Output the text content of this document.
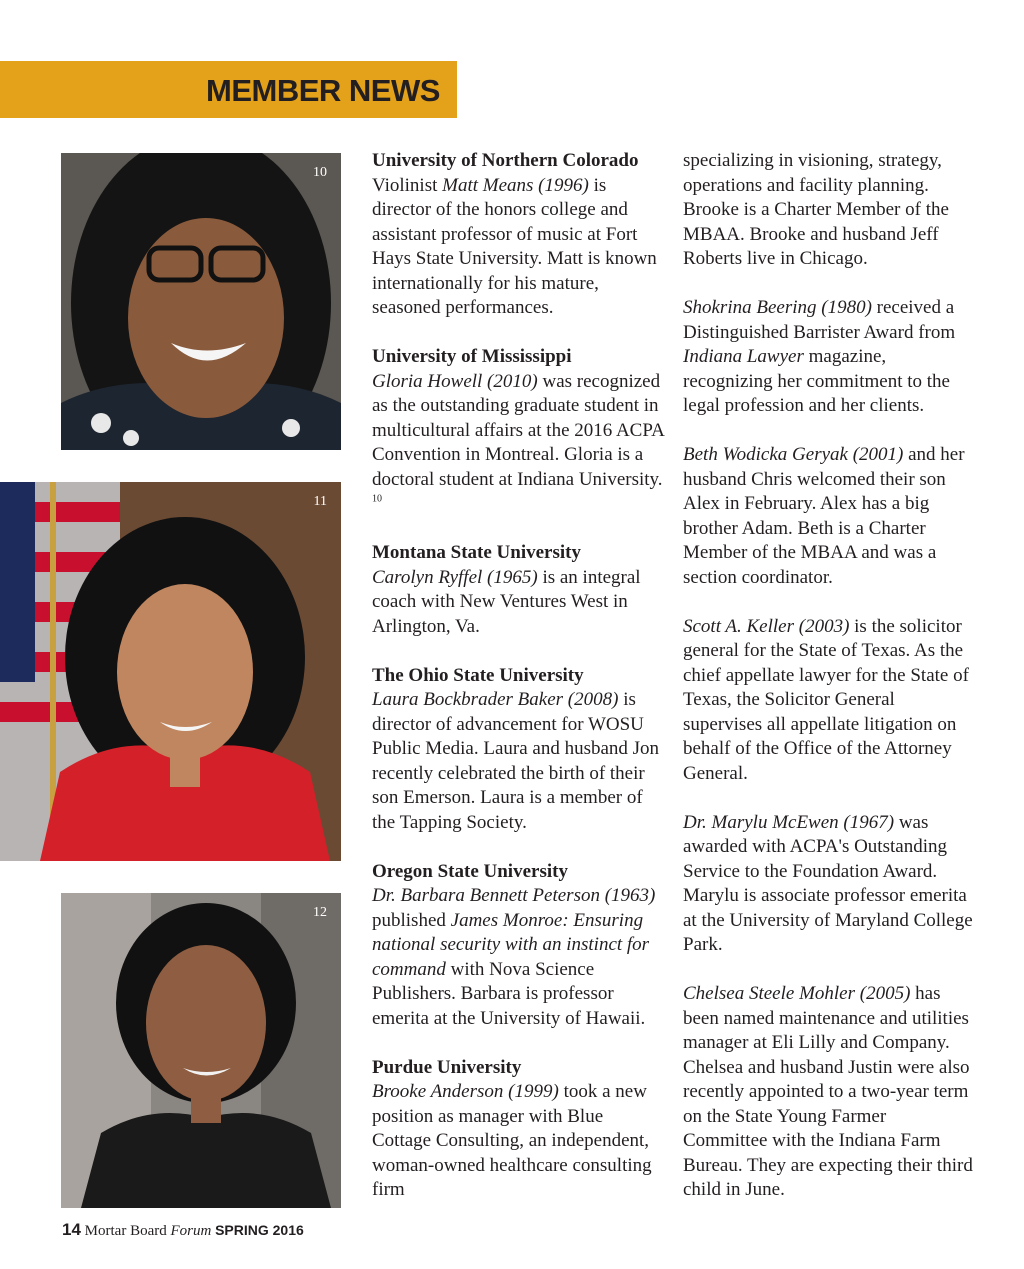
MEMBER NEWS
10
11
12

University of Northern Colorado
Violinist Matt Means (1996) is director of the honors college and assistant professor of music at Fort Hays State University. Matt is known internationally for his mature, seasoned performances.

University of Mississippi
Gloria Howell (2010) was recognized as the outstanding graduate student in multicultural affairs at the 2016 ACPA Convention in Montreal. Gloria is a doctoral student at Indiana University. $^{10}$

Montana State University
Carolyn Ryffel (1965) is an integral coach with New Ventures West in Arlington, Va.

The Ohio State University
Laura Bockbrader Baker (2008) is director of advancement for WOSU Public Media. Laura and husband Jon recently celebrated the birth of their son Emerson. Laura is a member of the Tapping Society.

Oregon State University
Dr. Barbara Bennett Peterson (1963) published James Monroe: Ensuring national security with an instinct for command with Nova Science Publishers. Barbara is professor emerita at the University of Hawaii.

Purdue University
Brooke Anderson (1999) took a new position as manager with Blue Cottage Consulting, an independent, woman-owned healthcare consulting firm

specializing in visioning, strategy, operations and facility planning. Brooke is a Charter Member of the MBAA. Brooke and husband Jeff Roberts live in Chicago.

Shokrina Beering (1980) received a Distinguished Barrister Award from Indiana Lawyer magazine, recognizing her commitment to the legal profession and her clients.

Beth Wodicka Geryak (2001) and her husband Chris welcomed their son Alex in February. Alex has a big brother Adam. Beth is a Charter Member of the MBAA and was a section coordinator.

Scott A. Keller (2003) is the solicitor general for the State of Texas. As the chief appellate lawyer for the State of Texas, the Solicitor General supervises all appellate litigation on behalf of the Office of the Attorney General.

Dr. Marylu McEwen (1967) was awarded with ACPA's Outstanding Service to the Foundation Award. Marylu is associate professor emerita at the University of Maryland College Park.

Chelsea Steele Mohler (2005) has been named maintenance and utilities manager at Eli Lilly and Company. Chelsea and husband Justin were also recently appointed to a two-year term on the State Young Farmer Committee with the Indiana Farm Bureau. They are expecting their third child in June.

14 Mortar Board Forum SPRING 2016
